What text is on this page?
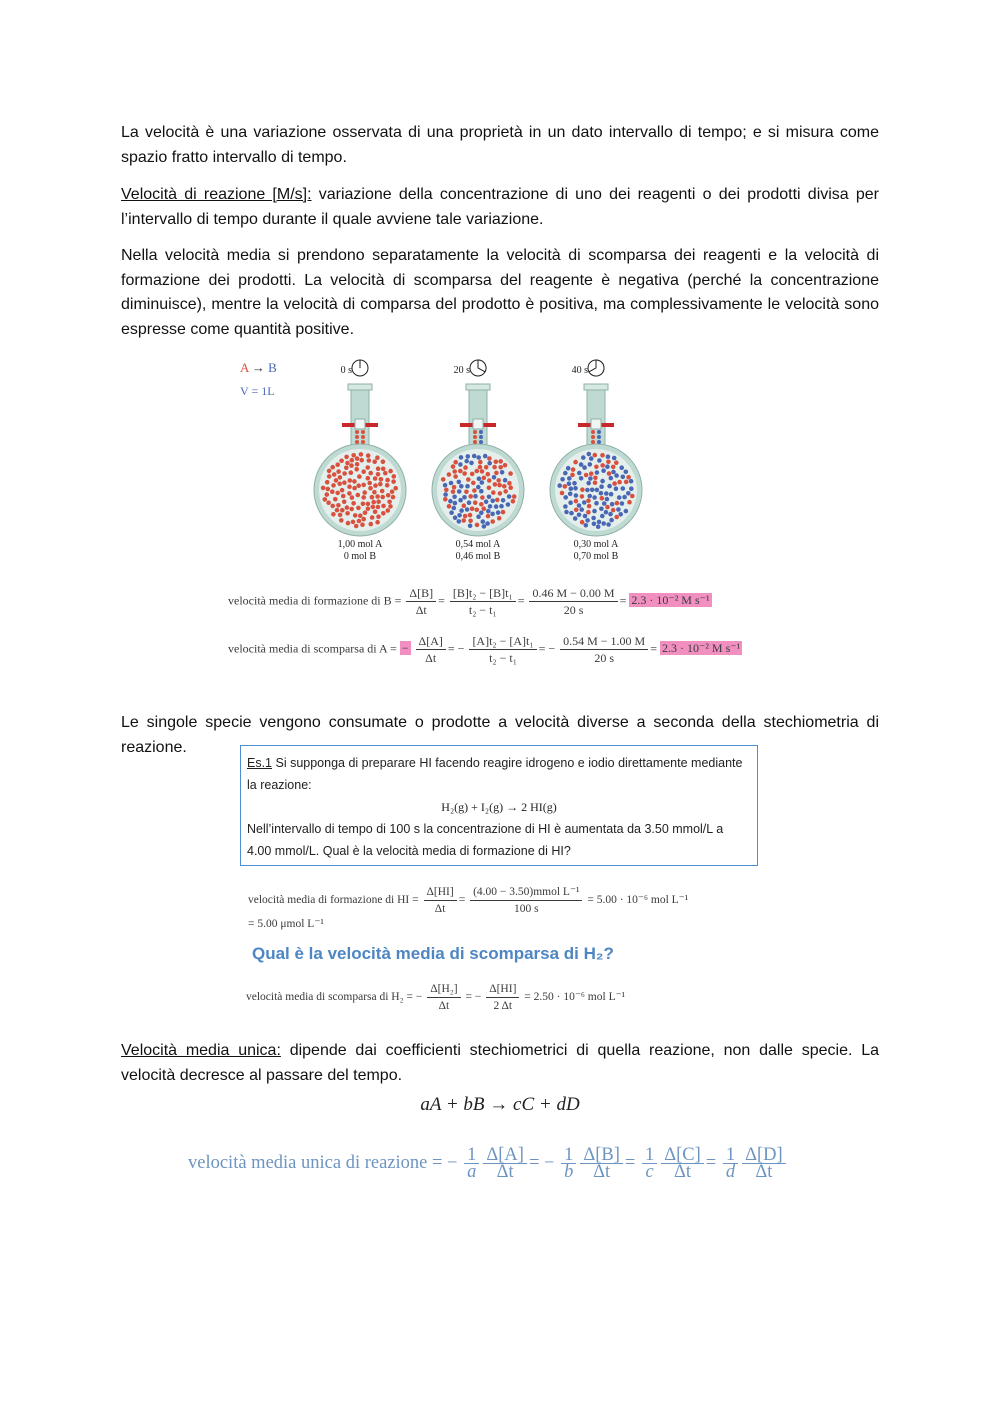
La velocità è una variazione osservata di una proprietà in un dato intervallo di tempo; e si misura come spazio fratto intervallo di tempo.

Velocità di reazione [M/s]: variazione della concentrazione di uno dei reagenti o dei prodotti divisa per l’intervallo di tempo durante il quale avviene tale variazione.

Nella velocità media si prendono separatamente la velocità di scomparsa dei reagenti e la velocità di formazione dei prodotti. La velocità di scomparsa del reagente è negativa (perché la concentrazione diminuisce), mentre la velocità di comparsa del prodotto è positiva, ma complessivamente le velocità sono espresse come quantità positive.

A → B
V = 1L
0 s
1,00 mol A
0 mol B
20 s
0,54 mol A
0,46 mol B
40 s
0,30 mol A
0,70 mol B
velocità media di formazione di $B = \frac{\Delta[B]}{\Delta t} = \frac{\text{[B]t₂ − [B]t₁}}{\text{t₂ − t₁}} = \frac{0.46 M - 0.00 M}{20 s} = 2.3 \cdot 10^{-2}$ M s⁻¹
velocità media di scomparsa di A = − $\frac{\Delta[A]}{\Delta t}$ = − $\frac{\text{[A]t₂ − [A]t₁}}{\text{t₂ − t₁}}$ = − $\frac{0.54 M - 1.00 M}{20 s} = 2.3 \cdot 10^{-2}$ M s⁻¹

Le singole specie vengono consumate o prodotte a velocità diverse a seconda della stechiometria di reazione.

Es.1 Si supponga di preparare HI facendo reagire idrogeno e iodio direttamente mediante
la reazione:
H₂(g) + I₂(g) → 2 HI(g)
Nell’intervallo di tempo di 100 s la concentrazione di HI è aumentata da 3.50 mmol/L a
4.00 mmol/L. Qual è la velocità media di formazione di HI?
velocità media di formazione di HI = $\frac{\Delta[HI]}{\Delta t} = \frac{\text{(4.00 − 3.50)mmol L⁻¹}}{100 s} = 5.00 \cdot 10^{-6}$ mol L⁻¹
= 5.00 μmol L⁻¹
Qual è la velocità media di scomparsa di H₂?
velocità media di scomparsa di H₂ = − $\frac{\text{Δ[H₂]}}{\Delta t}$ = − $\frac{\Delta[HI]}{2 \Delta t} = 2.50 \cdot 10^{-6}$ mol L⁻¹

Velocità media unica: dipende dai coefficienti stechiometrici di quella reazione, non dalle specie. La velocità decresce al passare del tempo.

aA + bB → cC + dD
velocità media unica di reazione = − $\frac{1}{a} \frac{\Delta[A]}{\Delta t}$ = − $\frac{1}{b} \frac{\Delta[B]}{\Delta t} = \frac{1}{c} \frac{\Delta[C]}{\Delta t} = \frac{1}{d} \frac{\Delta[D]}{\Delta t}$
